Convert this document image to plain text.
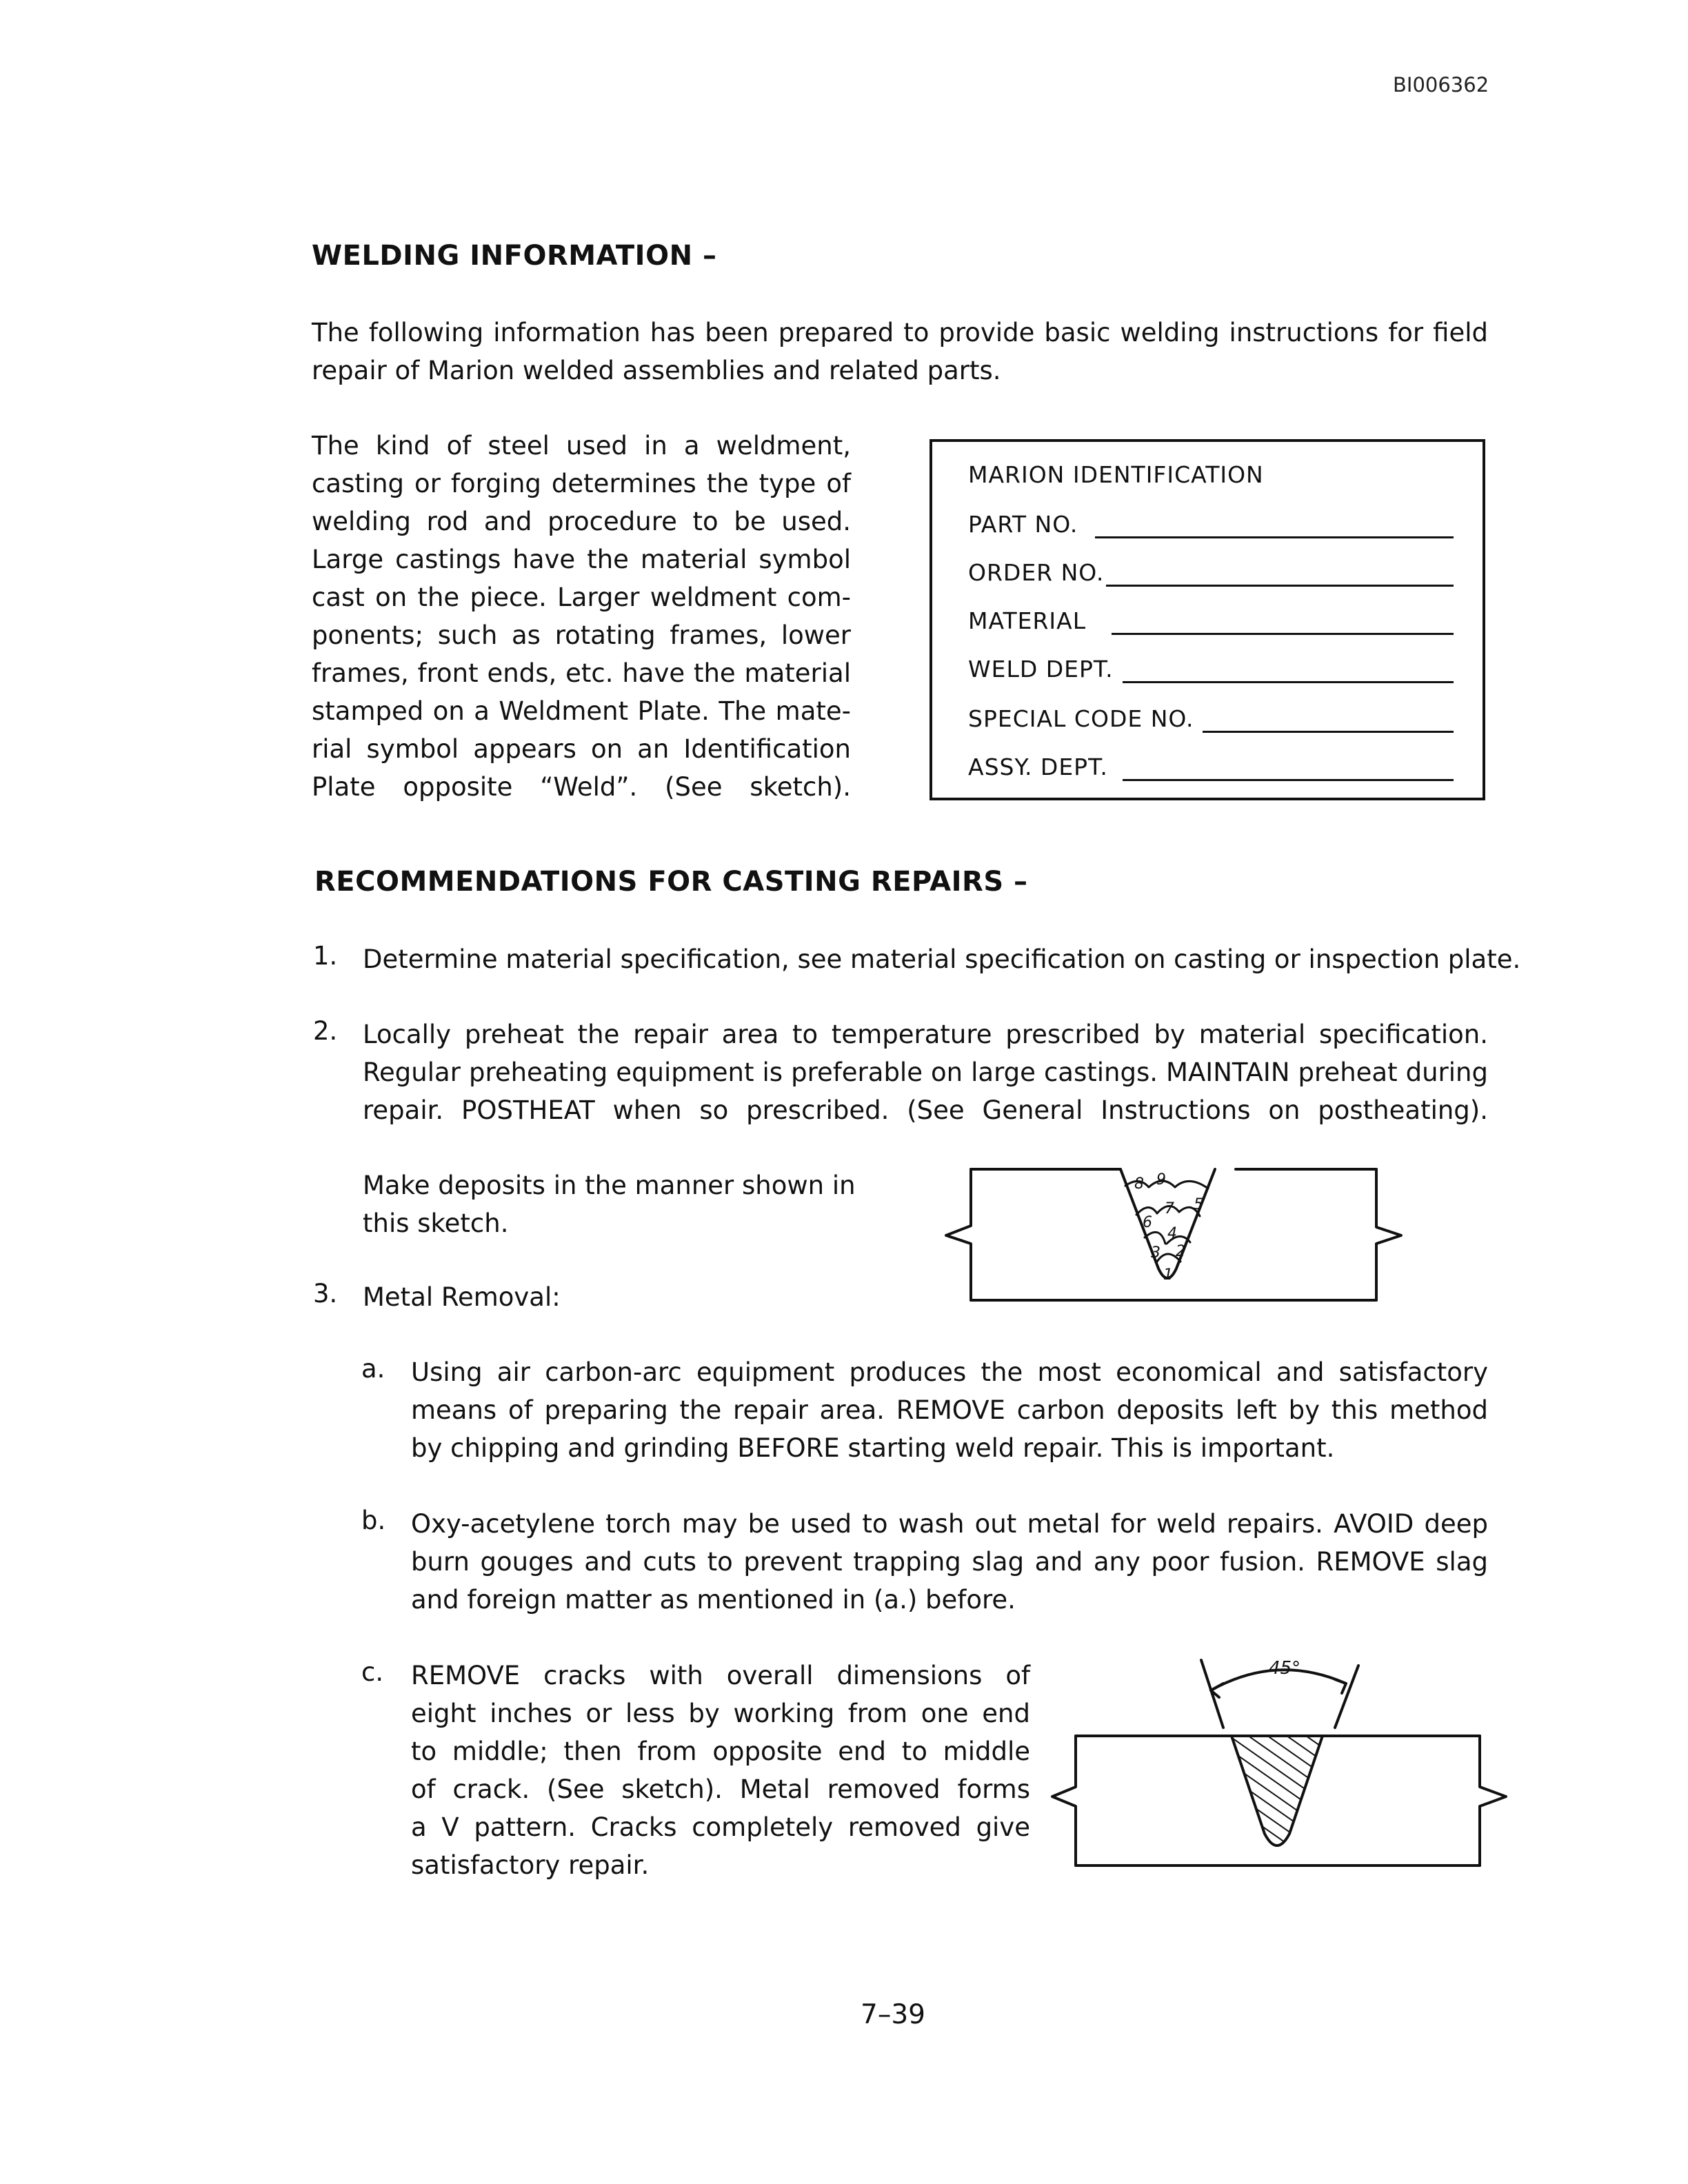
BI006362
WELDING INFORMATION –
The following information has been prepared to provide basic welding instructions for field
repair of Marion welded assemblies and related parts.
The kind of steel used in a weldment,
casting or forging determines the type of
welding rod and procedure to be used.
Large castings have the material symbol
cast on the piece. Larger weldment com-
ponents; such as rotating frames, lower
frames, front ends, etc. have the material
stamped on a Weldment Plate. The mate-
rial symbol appears on an Identification
Plate opposite “Weld”. (See sketch).
MARION IDENTIFICATION
PART NO.
ORDER NO.
MATERIAL
WELD DEPT.
SPECIAL CODE NO.
ASSY. DEPT.
RECOMMENDATIONS FOR CASTING REPAIRS –
1. Determine material specification, see material specification on casting or inspection plate.
2. Locally preheat the repair area to temperature prescribed by material specification.
Regular preheating equipment is preferable on large castings. MAINTAIN preheat during
repair. POSTHEAT when so prescribed. (See General Instructions on postheating).
Make deposits in the manner shown in
this sketch.
1
2
3
4
5
6
7
8 9
3. Metal Removal:
a. Using air carbon-arc equipment produces the most economical and satisfactory
means of preparing the repair area. REMOVE carbon deposits left by this method
by chipping and grinding BEFORE starting weld repair. This is important.
b. Oxy-acetylene torch may be used to wash out metal for weld repairs. AVOID deep
burn gouges and cuts to prevent trapping slag and any poor fusion. REMOVE slag
and foreign matter as mentioned in (a.) before.
c. REMOVE cracks with overall dimensions of
eight inches or less by working from one end
to middle; then from opposite end to middle
of crack. (See sketch). Metal removed forms
a V pattern. Cracks completely removed give
satisfactory repair.
45°
7–39
